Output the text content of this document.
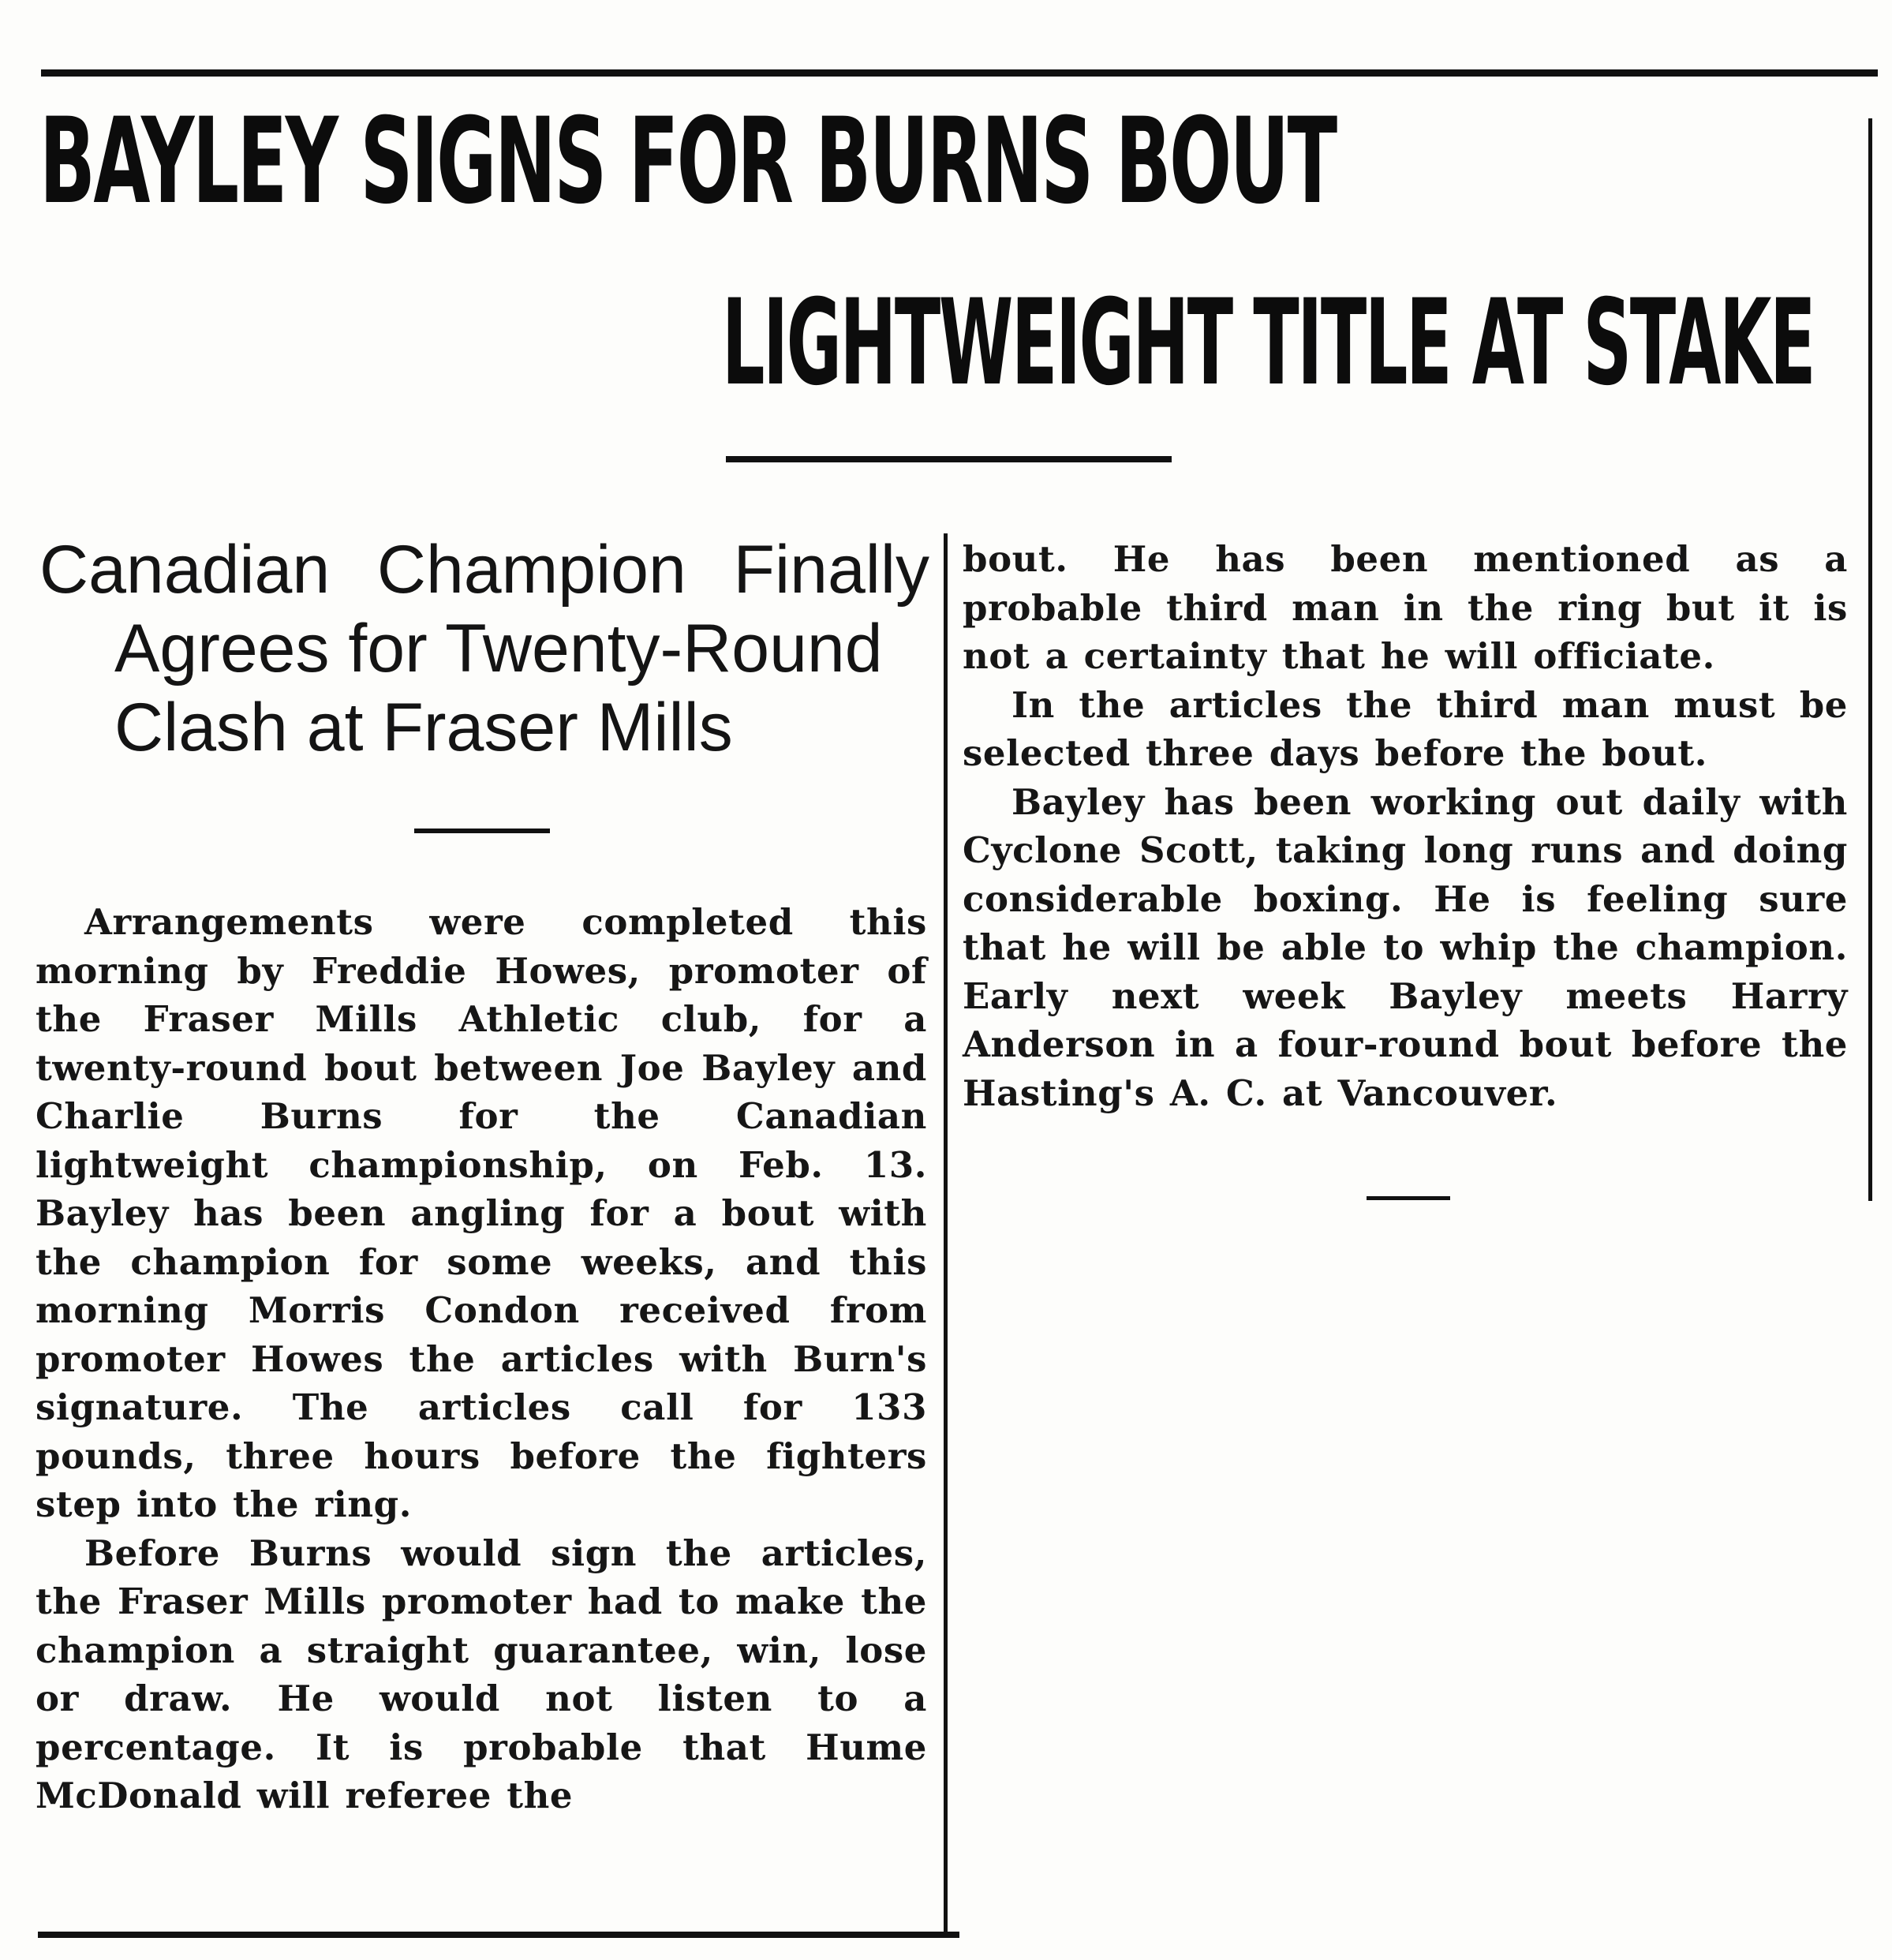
BAYLEY SIGNS FOR BURNS BOUT
LIGHTWEIGHT TITLE AT STAKE
Canadian Champion Finally
Agrees for Twenty-Round
Clash at Fraser Mills

Arrangements were completed this morning by Freddie Howes, promoter of the Fraser Mills Athletic club, for a twenty-round bout between Joe Bayley and Charlie Burns for the Canadian lightweight championship, on Feb. 13. Bayley has been angling for a bout with the champion for some weeks, and this morning Morris Condon received from promoter Howes the articles with Burn's signature. The articles call for 133 pounds, three hours before the fighters step into the ring.

Before Burns would sign the articles, the Fraser Mills promoter had to make the champion a straight guarantee, win, lose or draw. He would not listen to a percentage. It is probable that Hume McDonald will referee the

bout. He has been mentioned as a probable third man in the ring but it is not a certainty that he will officiate.

In the articles the third man must be selected three days before the bout.

Bayley has been working out daily with Cyclone Scott, taking long runs and doing considerable boxing. He is feeling sure that he will be able to whip the champion. Early next week Bayley meets Harry Anderson in a four-round bout before the Hasting's A. C. at Vancouver.
